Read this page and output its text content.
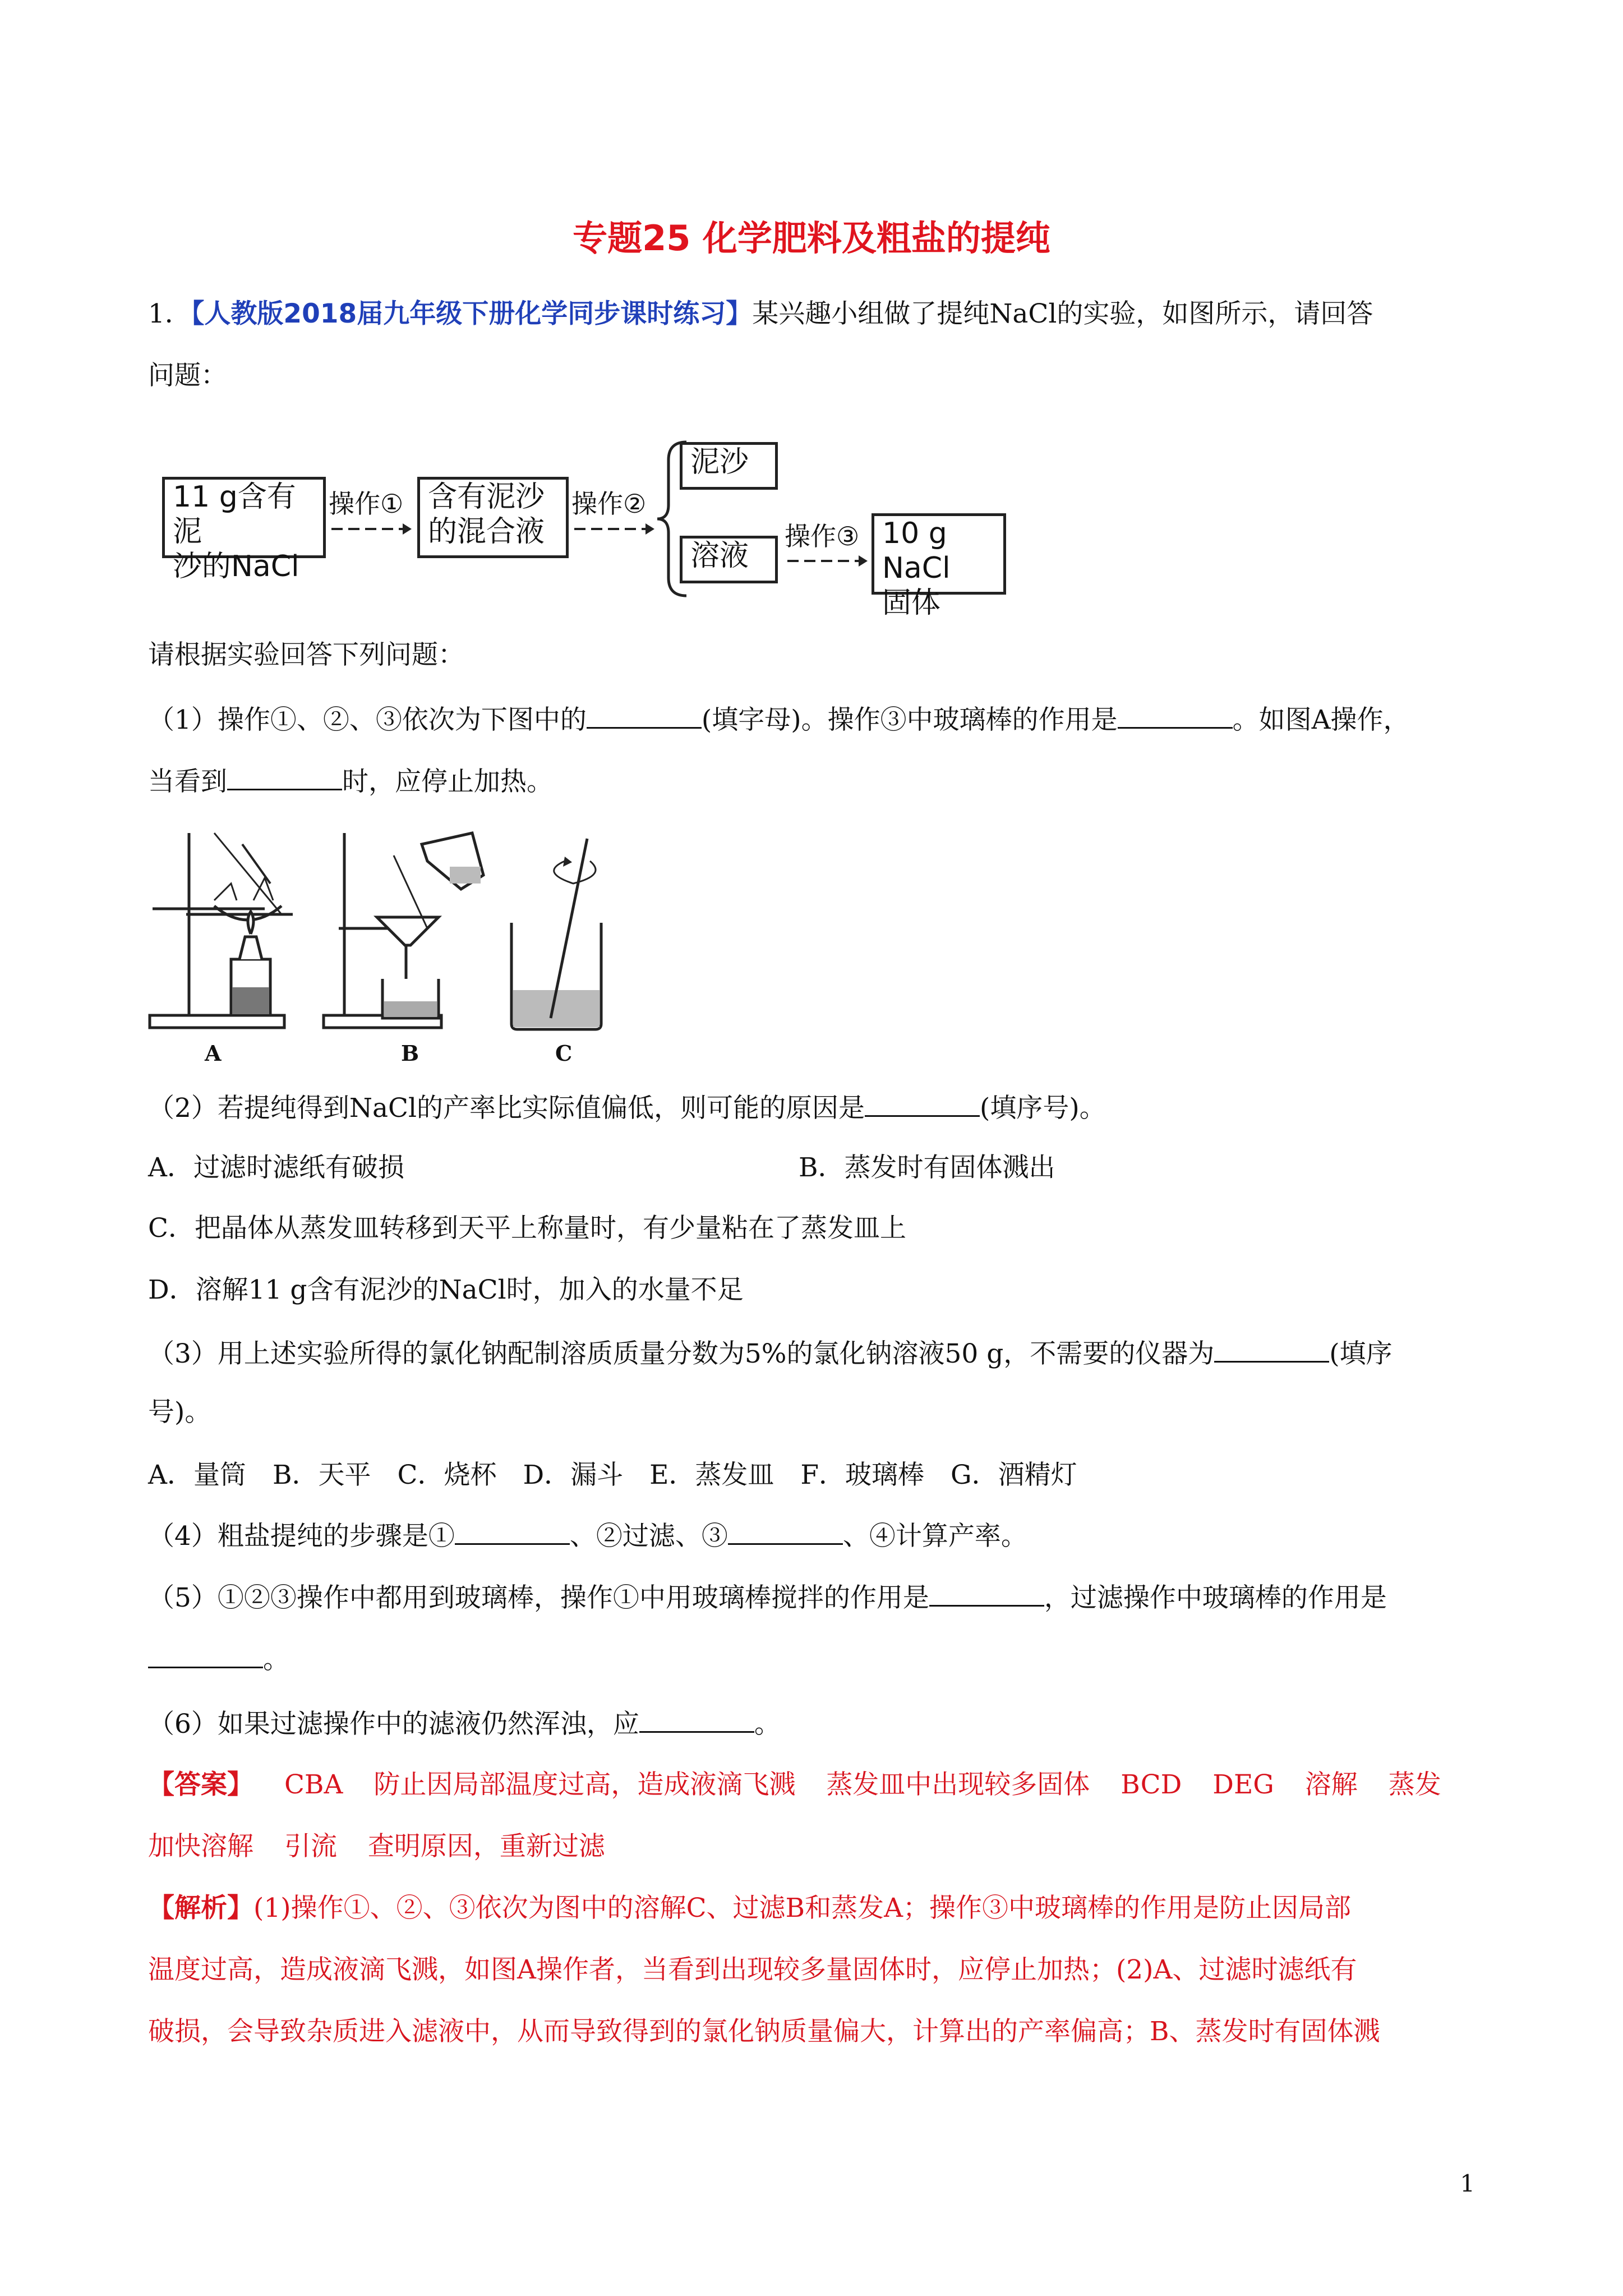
专题25 化学肥料及粗盐的提纯
1．【人教版2018届九年级下册化学同步课时练习】某兴趣小组做了提纯NaCl的实验，如图所示，请回答
问题：
11 g含有泥
沙的NaCl
操作① 含有泥沙
的混合液
操作②
泥沙
溶液
操作③ 10 g NaCl
固体
请根据实验回答下列问题：
（1）操作①、②、③依次为下图中的	(填字母)。操作③中玻璃棒的作用是	。如图A操作，
当看到	时，应停止加热。
A	B	C
（2）若提纯得到NaCl的产率比实际值偏低，则可能的原因是	(填序号)。
A．过滤时滤纸有破损	B．蒸发时有固体溅出
C．把晶体从蒸发皿转移到天平上称量时，有少量粘在了蒸发皿上
D．溶解11 g含有泥沙的NaCl时，加入的水量不足
（3）用上述实验所得的氯化钠配制溶质质量分数为5%的氯化钠溶液50 g，不需要的仪器为	(填序
号)。
A．量筒　B．天平　C．烧杯　D．漏斗　E．蒸发皿　F．玻璃棒　G．酒精灯
（4）粗盐提纯的步骤是①	、②过滤、③	、④计算产率。
（5）①②③操作中都用到玻璃棒，操作①中用玻璃棒搅拌的作用是	，过滤操作中玻璃棒的作用是
。
（6）如果过滤操作中的滤液仍然浑浊，应	。
【答案】 CBA 防止因局部温度过高，造成液滴飞溅 蒸发皿中出现较多固体 BCD DEG 溶解 蒸发
加快溶解 引流 查明原因，重新过滤
【解析】(1)操作①、②、③依次为图中的溶解C、过滤B和蒸发A；操作③中玻璃棒的作用是防止因局部
温度过高，造成液滴飞溅，如图A操作者，当看到出现较多量固体时，应停止加热；(2)A、过滤时滤纸有
破损，会导致杂质进入滤液中，从而导致得到的氯化钠质量偏大，计算出的产率偏高；B、蒸发时有固体溅
1
